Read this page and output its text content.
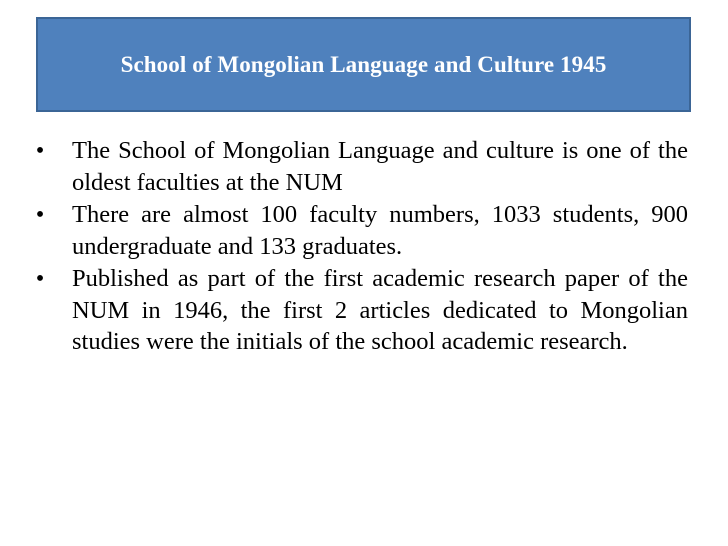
School of Mongolian Language and Culture 1945
• The School of Mongolian Language and culture is one of the oldest faculties at the NUM
• There are almost 100 faculty numbers, 1033 students, 900 undergraduate and 133 graduates.
• Published as part of the first academic research paper of the NUM in 1946, the first 2 articles dedicated to Mongolian studies were the initials of the school academic research.
